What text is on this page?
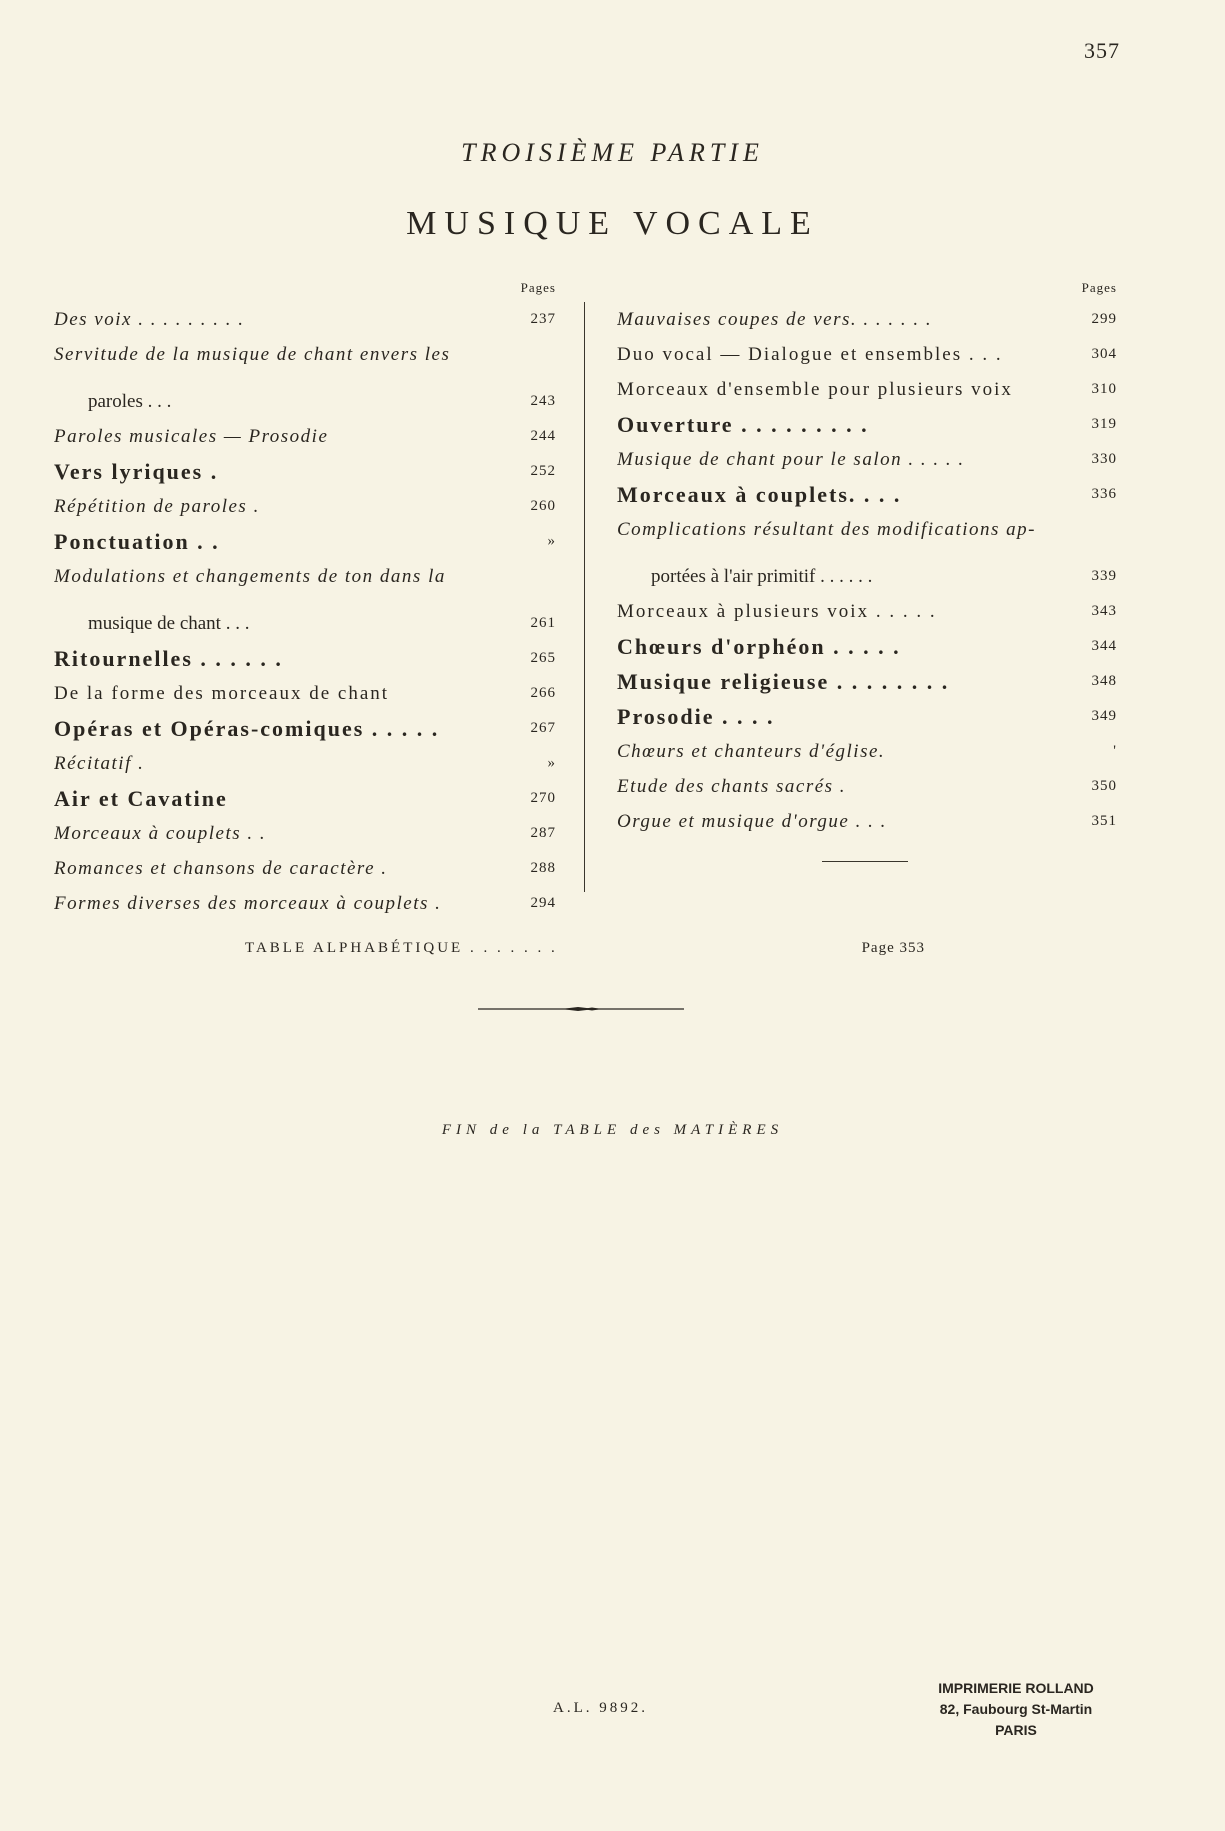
357
TROISIÈME PARTIE
MUSIQUE VOCALE
Pages
Des voix . . . . . . . . .	237
Servitude de la musique de chant envers les
paroles . . .	243
Paroles musicales — Prosodie	244
Vers lyriques .	252
Répétition de paroles .	260
Ponctuation . .	»
Modulations et changements de ton dans la
musique de chant . . .	261
Ritournelles . . . . . .	265
De la forme des morceaux de chant	266
Opéras et Opéras-comiques . . . . .	267
Récitatif .	»
Air et Cavatine	270
Morceaux à couplets . .	287
Romances et chansons de caractère .	288
Formes diverses des morceaux à couplets .	294
Pages
Mauvaises coupes de vers. . . . . . .	299
Duo vocal — Dialogue et ensembles . . .	304
Morceaux d'ensemble pour plusieurs voix	310
Ouverture . . . . . . . . .	319
Musique de chant pour le salon . . . . .	330
Morceaux à couplets. . . .	336
Complications résultant des modifications ap-
portées à l'air primitif . . . . . .	339
Morceaux à plusieurs voix . . . . .	343
Chœurs d'orphéon . . . . .	344
Musique religieuse . . . . . . . .	348
Prosodie . . . .	349
Chœurs et chanteurs d'église.	'
Etude des chants sacrés .	350
Orgue et musique d'orgue . . .	351
TABLE ALPHABÉTIQUE . . . . . . .	Page 353
FIN de la TABLE des MATIÈRES
A.L. 9892.
IMPRIMERIE ROLLAND
82, Faubourg St-Martin
PARIS
